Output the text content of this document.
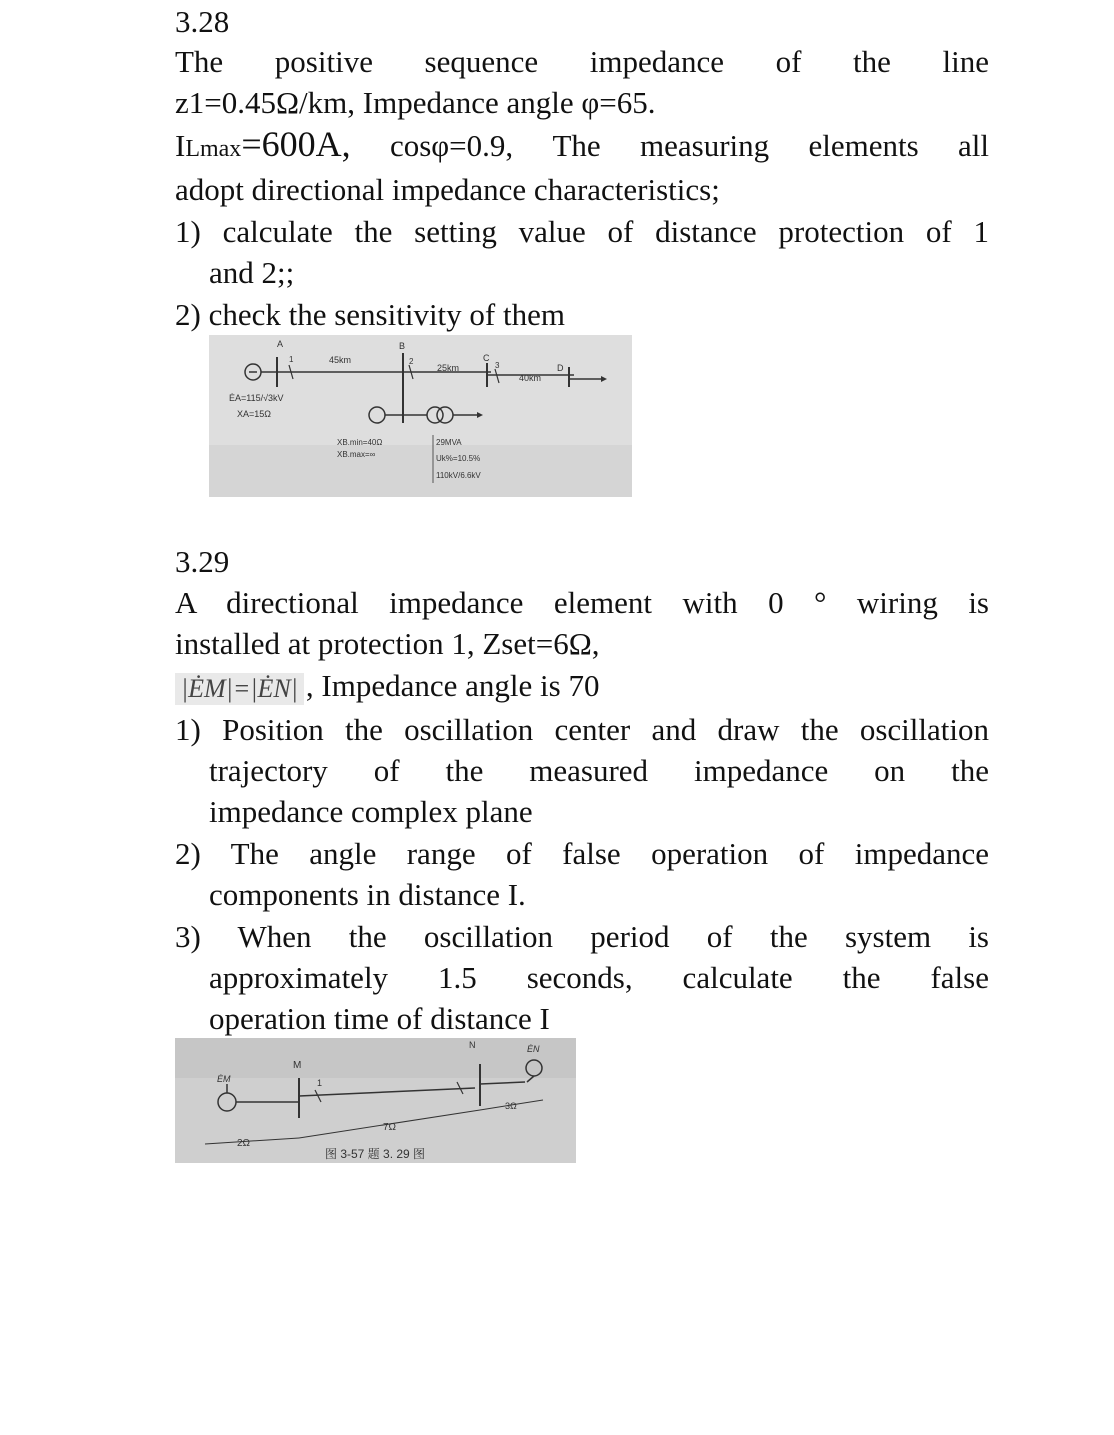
3.28
The positive sequence impedance of the line
z1=0.45Ω/km, Impedance angle φ=65.
ILmax=600A, cosφ=0.9, The measuring elements all
adopt directional impedance characteristics;
1) calculate the setting value of distance protection of 1
and 2;;
2) check the sensitivity of them
A
1	45km
B
2
25km
C
3
40km
D
ĖA=115/√3kV
XA=15Ω
XB.min=40Ω
XB.max=∞
29MVA
Uk%=10.5%
110kV/6.6kV
3.29
A directional impedance element with 0 ° wiring is
installed at protection 1, Zset=6Ω,
|ĖM|=|ĖN| , Impedance angle is 70
1) Position the oscillation center and draw the oscillation
trajectory of the measured impedance on the
impedance complex plane
2) The angle range of false operation of impedance
components in distance I.
3) When the oscillation period of the system is
approximately 1.5 seconds, calculate the false
operation time of distance I
M
N
ĖM
ĖN
1
2Ω
7Ω
3Ω
图 3-57 题 3. 29 图
